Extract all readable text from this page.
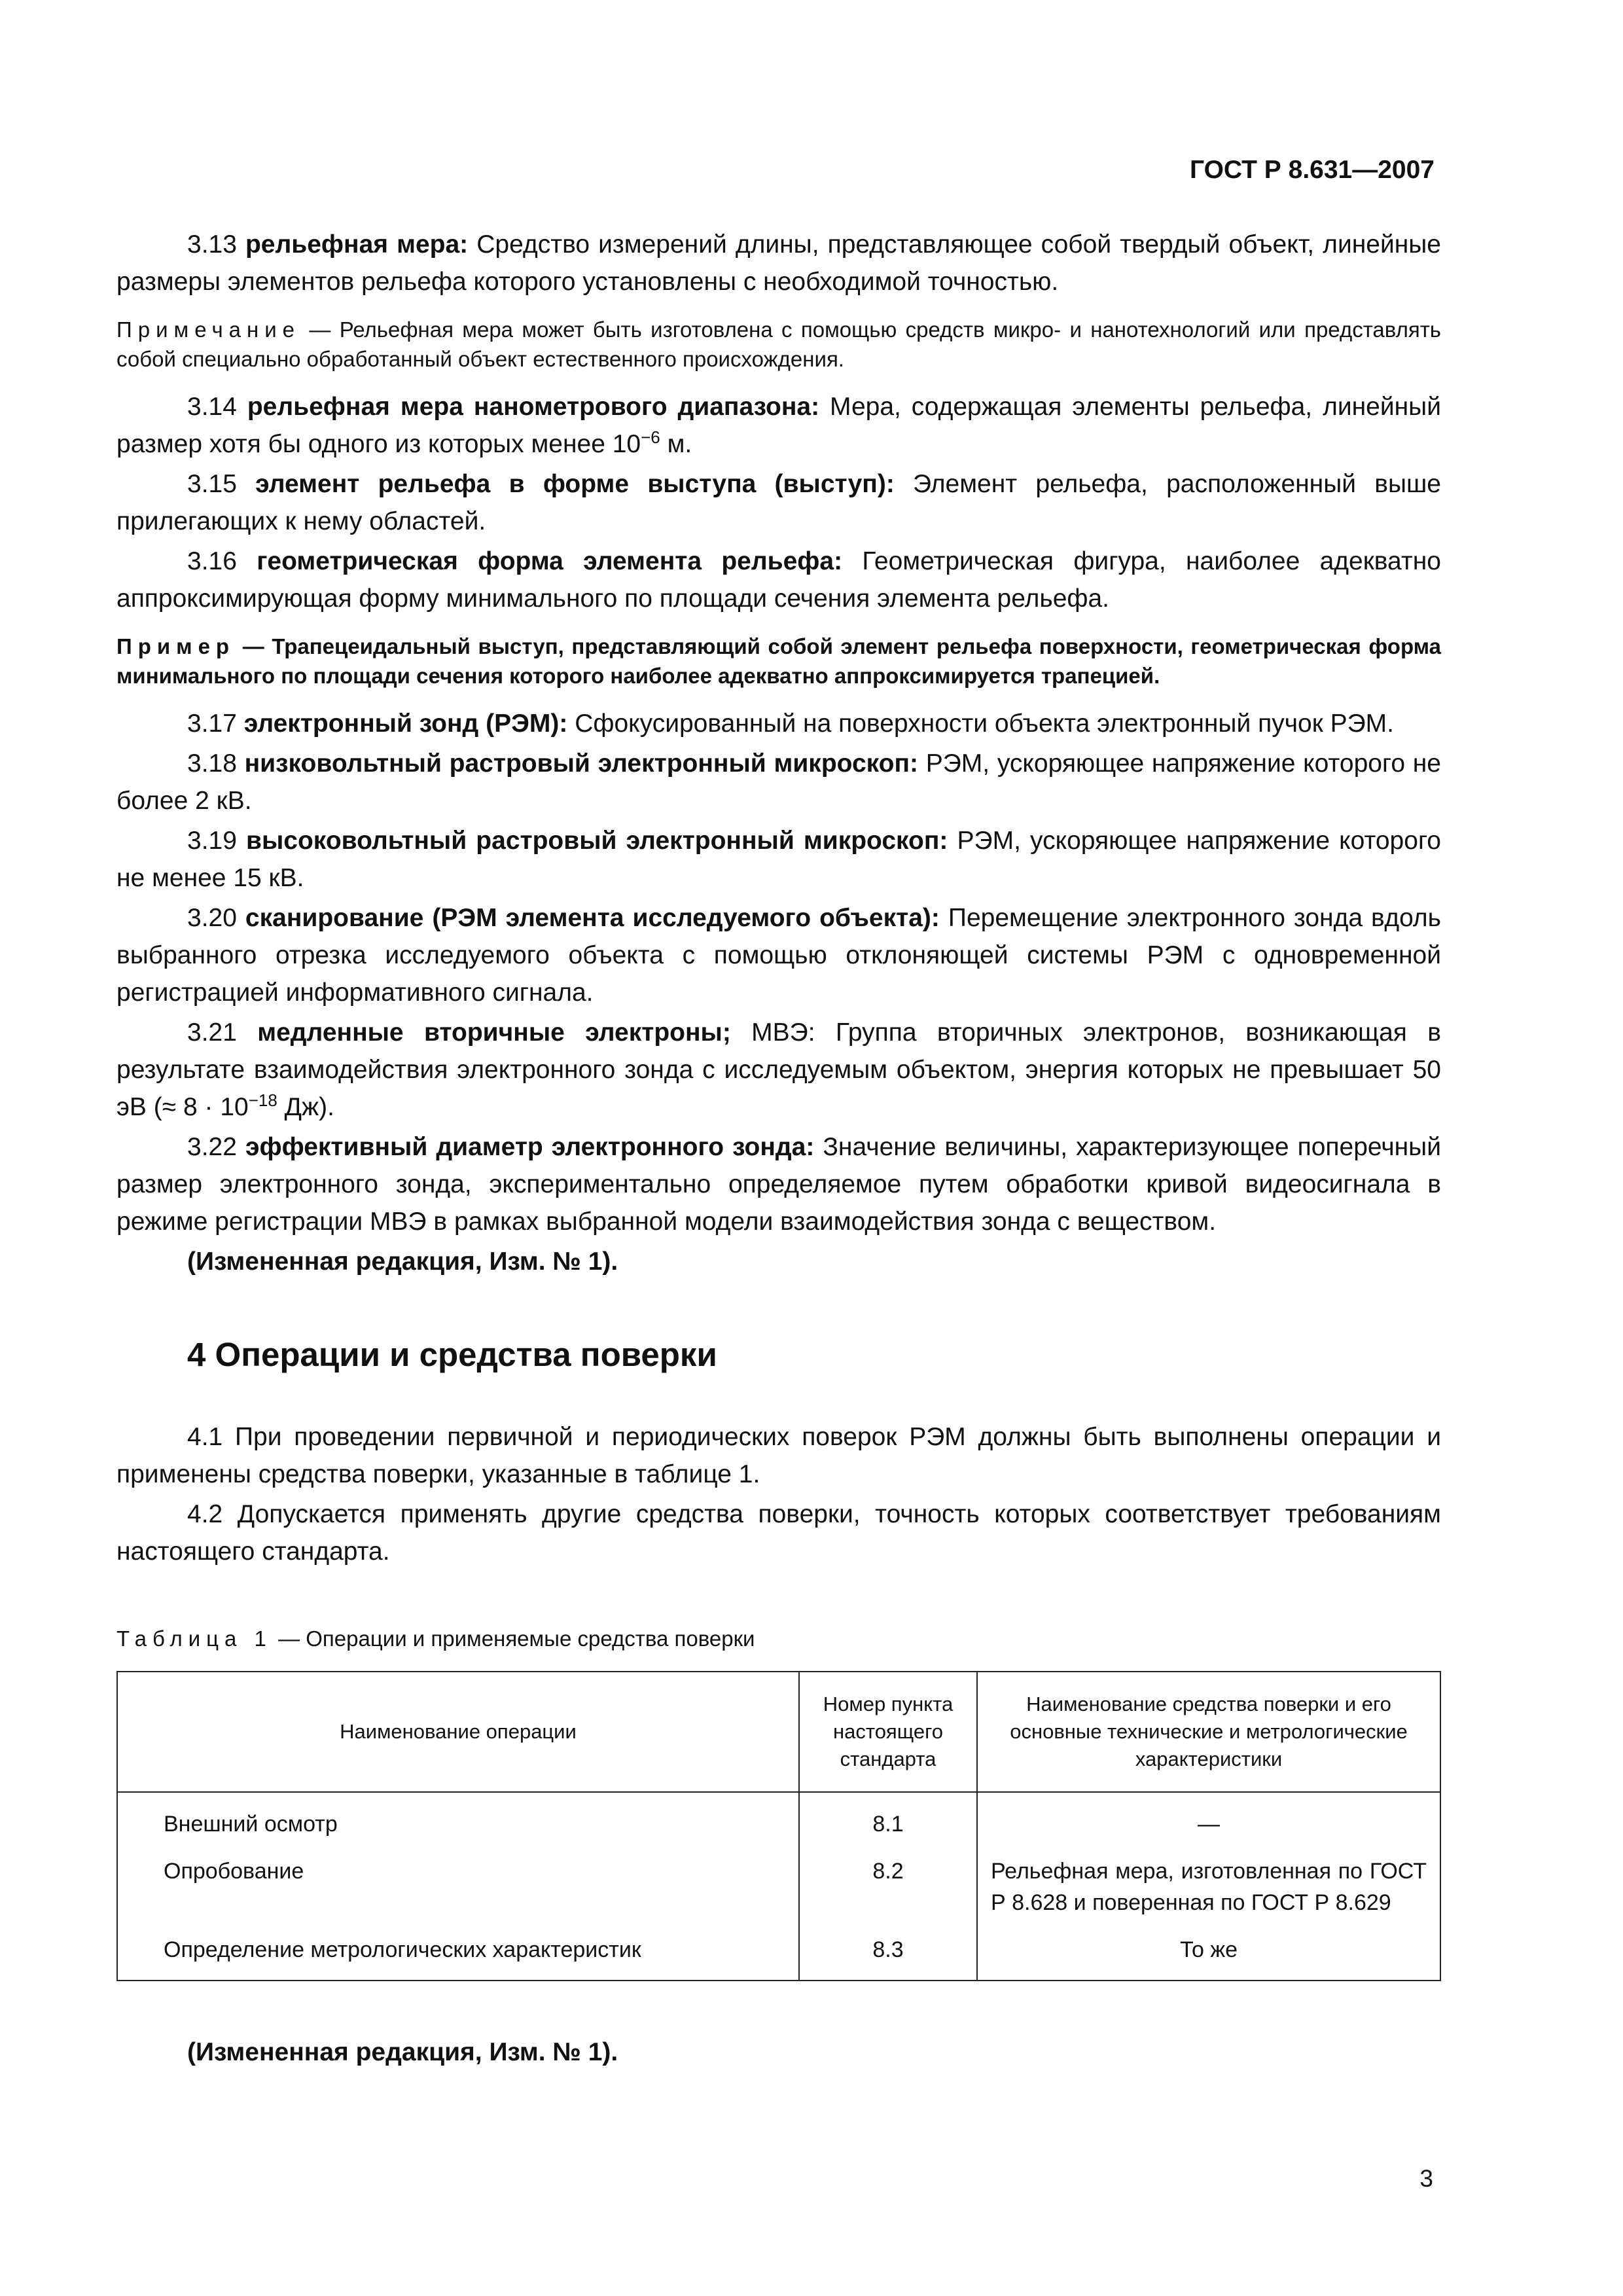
ГОСТ Р 8.631—2007

3.13 рельефная мера: Средство измерений длины, представляющее собой твердый объект, линейные размеры элементов рельефа которого установлены с необходимой точностью.

Примечание — Рельефная мера может быть изготовлена с помощью средств микро- и нанотехнологий или представлять собой специально обработанный объект естественного происхождения.

3.14 рельефная мера нанометрового диапазона: Мера, содержащая элементы рельефа, линейный размер хотя бы одного из которых менее $10^{-6}$ м.

3.15 элемент рельефа в форме выступа (выступ): Элемент рельефа, расположенный выше прилегающих к нему областей.

3.16 геометрическая форма элемента рельефа: Геометрическая фигура, наиболее адекватно аппроксимирующая форму минимального по площади сечения элемента рельефа.

Пример — Трапецеидальный выступ, представляющий собой элемент рельефа поверхности, геометрическая форма минимального по площади сечения которого наиболее адекватно аппроксимируется трапецией.

3.17 электронный зонд (РЭМ): Сфокусированный на поверхности объекта электронный пучок РЭМ.

3.18 низковольтный растровый электронный микроскоп: РЭМ, ускоряющее напряжение которого не более 2 кВ.

3.19 высоковольтный растровый электронный микроскоп: РЭМ, ускоряющее напряжение которого не менее 15 кВ.

3.20 сканирование (РЭМ элемента исследуемого объекта): Перемещение электронного зонда вдоль выбранного отрезка исследуемого объекта с помощью отклоняющей системы РЭМ с одновременной регистрацией информативного сигнала.

3.21 медленные вторичные электроны; МВЭ: Группа вторичных электронов, возникающая в результате взаимодействия электронного зонда с исследуемым объектом, энергия которых не превышает 50 эВ (≈ $8 \cdot 10^{-18}$ Дж).

3.22 эффективный диаметр электронного зонда: Значение величины, характеризующее поперечный размер электронного зонда, экспериментально определяемое путем обработки кривой видеосигнала в режиме регистрации МВЭ в рамках выбранной модели взаимодействия зонда с веществом.

(Измененная редакция, Изм. № 1).
4 Операции и средства поверки

4.1 При проведении первичной и периодических поверок РЭМ должны быть выполнены операции и применены средства поверки, указанные в таблице 1.

4.2 Допускается применять другие средства поверки, точность которых соответствует требованиям настоящего стандарта.

Таблица 1 — Операции и применяемые средства поверки
Наименование операции	Номер пункта настоящего стандарта	Наименование средства поверки и его основные технические и метрологические характеристики
Внешний осмотр	8.1	—
Опробование	8.2	Рельефная мера, изготовленная по ГОСТ Р 8.628 и поверенная по ГОСТ Р 8.629
Определение метрологических характеристик	8.3	То же
(Измененная редакция, Изм. № 1).
3
